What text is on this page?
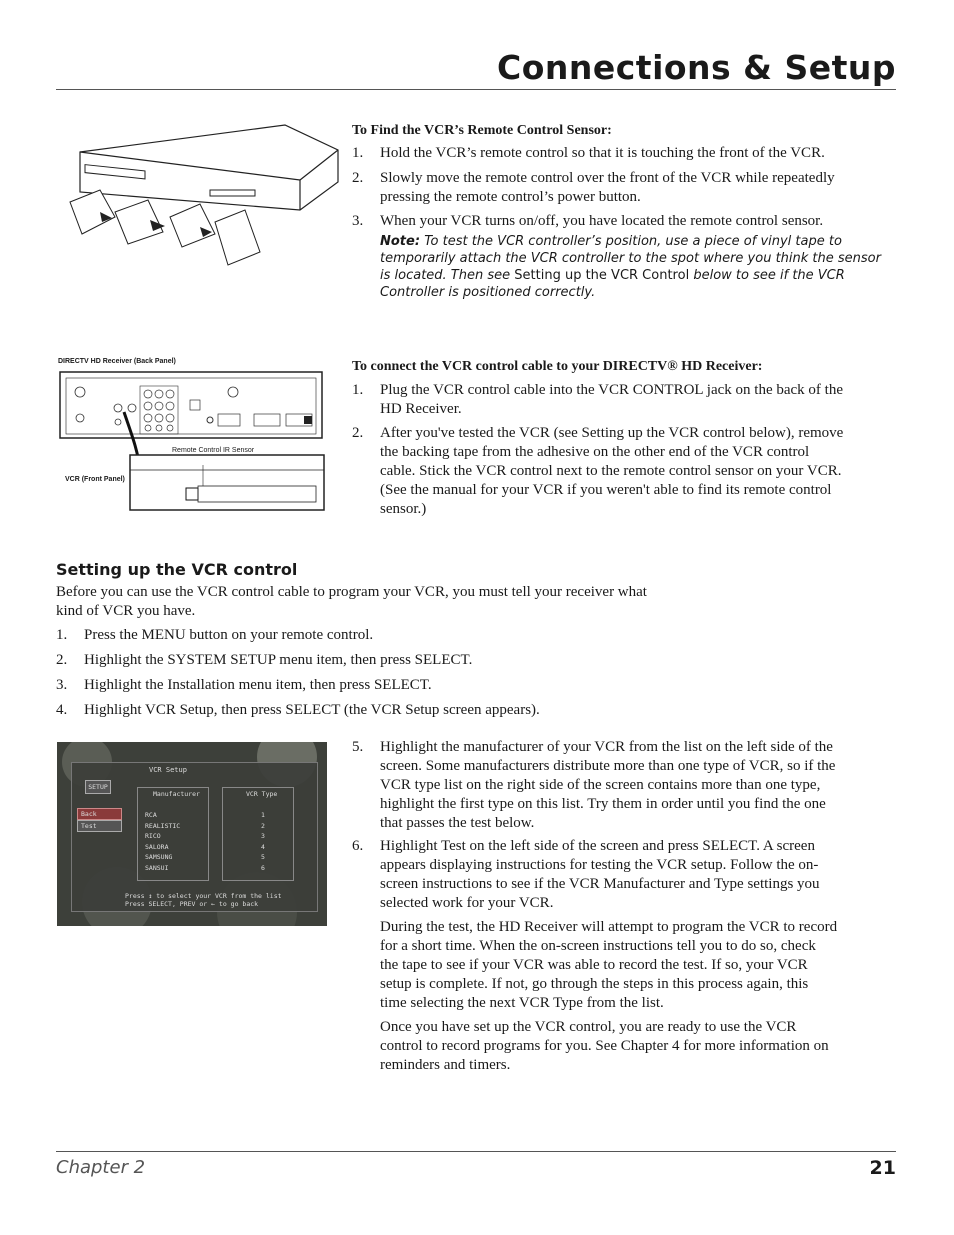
Connections & Setup
To Find the VCR’s Remote Control Sensor:
1. Hold the VCR’s remote control so that it is touching the front of the VCR.
2. Slowly move the remote control over the front of the VCR while repeatedly
pressing the remote control’s power button.
3. When your VCR turns on/off, you have located the remote control sensor.
Note: To test the VCR controller’s position, use a piece of vinyl tape to
temporarily attach the VCR controller to the spot where you think the sensor
is located. Then see Setting up the VCR Control below to see if the VCR
Controller is positioned correctly.
DIRECTV HD Receiver (Back Panel)
Remote Control IR Sensor
VCR (Front Panel)
To connect the VCR control cable to your DIRECTV® HD Receiver:
1. Plug the VCR control cable into the VCR CONTROL jack on the back of the
HD Receiver.
2. After you've tested the VCR (see Setting up the VCR control below), remove
the backing tape from the adhesive on the other end of the VCR control
cable. Stick the VCR control next to the remote control sensor on your VCR.
(See the manual for your VCR if you weren't able to find its remote control
sensor.)
Setting up the VCR control
Before you can use the VCR control cable to program your VCR, you must tell your receiver what
kind of VCR you have.
1. Press the MENU button on your remote control.
2. Highlight the SYSTEM SETUP menu item, then press SELECT.
3. Highlight the Installation menu item, then press SELECT.
4. Highlight VCR Setup, then press SELECT (the VCR Setup screen appears).
VCR Setup
SETUP
Back
Test
Manufacturer
RCA
REALISTIC
RICO
SALORA
SAMSUNG
SANSUI
VCR Type
1
2
3
4
5
6
Press ↕ to select your VCR from the list
Press SELECT, PREV or ← to go back
5. Highlight the manufacturer of your VCR from the list on the left side of the
screen. Some manufacturers distribute more than one type of VCR, so if the
VCR type list on the right side of the screen contains more than one type,
highlight the first type on this list. Try them in order until you find the one
that passes the test below.
6. Highlight Test on the left side of the screen and press SELECT. A screen
appears displaying instructions for testing the VCR setup. Follow the on-
screen instructions to see if the VCR Manufacturer and Type settings you
selected work for your VCR.
During the test, the HD Receiver will attempt to program the VCR to record
for a short time. When the on-screen instructions tell you to do so, check
the tape to see if your VCR was able to record the test. If so, your VCR
setup is complete. If not, go through the steps in this process again, this
time selecting the next VCR Type from the list.
Once you have set up the VCR control, you are ready to use the VCR
control to record programs for you. See Chapter 4 for more information on
reminders and timers.
Chapter 2	21
